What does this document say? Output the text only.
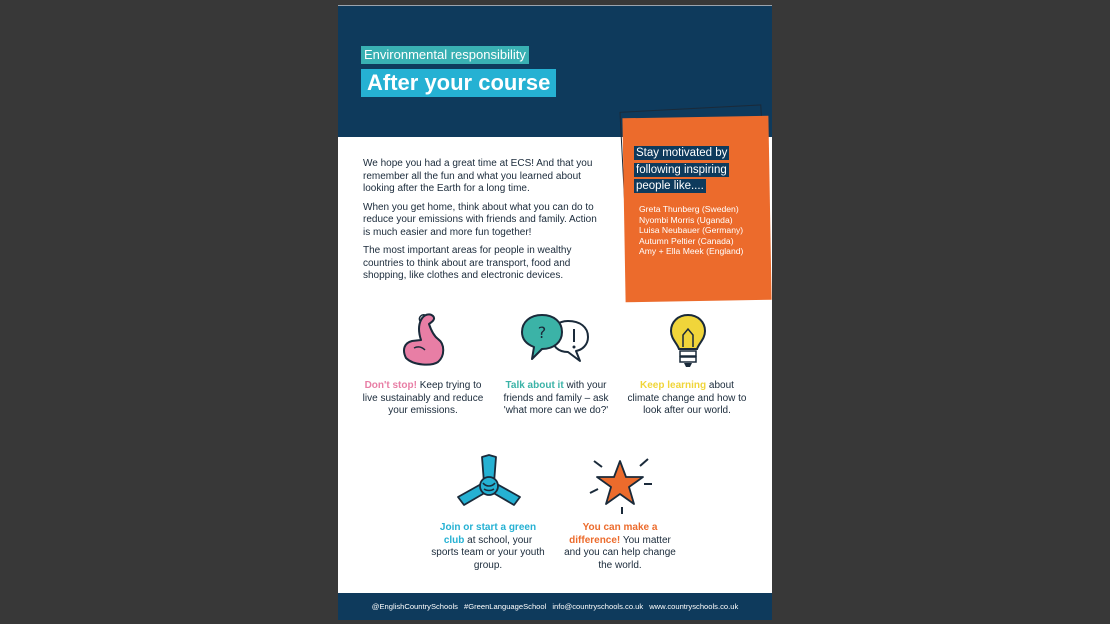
Environmental responsibility
After your course

We hope you had a great time at ECS! And that you remember all the fun and what you learned about looking after the Earth for a long time.

When you get home, think about what you can do to reduce your emissions with friends and family. Action is much easier and more fun together!

The most important areas for people in wealthy countries to think about are transport, food and shopping, like clothes and electronic devices.

Stay motivated by following inspiring people like....
Greta Thunberg (Sweden)
Nyombi Morris (Uganda)
Luisa Neubauer (Germany)
Autumn Peltier (Canada)
Amy + Ella Meek (England)
?
Don't stop! Keep trying to live sustainably and reduce your emissions.
Talk about it with your friends and family – ask 'what more can we do?'
Keep learning about climate change and how to look after our world.
Join or start a green club at school, your sports team or your youth group.
You can make a difference! You matter and you can help change the world.
@EnglishCountrySchools #GreenLanguageSchool info@countryschools.co.uk www.countryschools.co.uk
